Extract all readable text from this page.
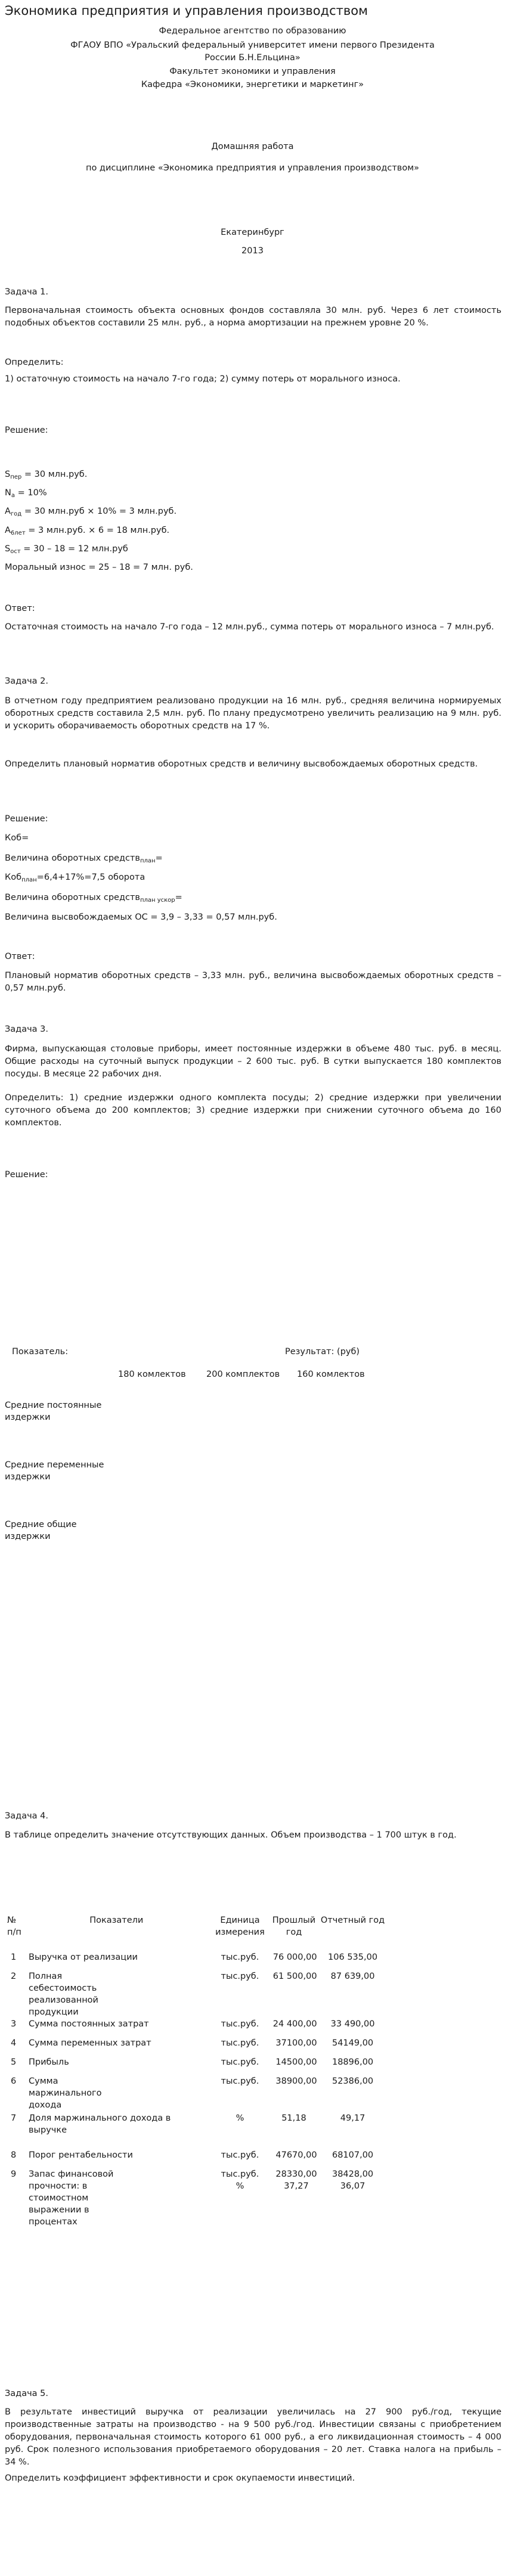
Экономика предприятия и управления производством
Федеральное агентство по образованию
ФГАОУ ВПО «Уральский федеральный университет имени первого Президента
России Б.Н.Ельцина»
Факультет экономики и управления
Кафедра «Экономики, энергетики и маркетинг»
Домашняя работа
по дисциплине «Экономика предприятия и управления производством»
Екатеринбург
2013
Задача 1.
Первоначальная стоимость объекта основных фондов составляла 30 млн. руб. Через 6 лет стоимость подобных объектов составили 25 млн. руб., а норма амортизации на прежнем уровне 20 %.
Определить:
1) остаточную стоимость на начало 7-го года; 2) сумму потерь от морального износа.
Решение:
$S_{пер} = 30$ млн.руб.
$N_а = 10\%$
$A_{год} = 30$ млн.руб × 10% = 3 млн.руб.
$A_{6лет} = 3$ млн.руб. × 6 = 18 млн.руб.
$S_{ост} = 30 - 18 = 12$ млн.руб
Моральный износ = 25 – 18 = 7 млн. руб.
Ответ:
Остаточная стоимость на начало 7-го года – 12 млн.руб., сумма потерь от морального износа – 7 млн.руб.
Задача 2.
В отчетном году предприятием реализовано продукции на 16 млн. руб., средняя величина нормируемых оборотных средств составила 2,5 млн. руб. По плану предусмотрено увеличить реализацию на 9 млн. руб. и ускорить оборачиваемость оборотных средств на 17 %.
Определить плановый норматив оборотных средств и величину высвобождаемых оборотных средств.
Решение:
Коб=
Величина оборотных средств$_{план}$=
Коб$_{план}$=6,4+17%=7,5 оборота
Величина оборотных средств$_{план ускор}$=
Величина высвобождаемых ОС = 3,9 – 3,33 = 0,57 млн.руб.
Ответ:
Плановый норматив оборотных средств – 3,33 млн. руб., величина высвобождаемых оборотных средств – 0,57 млн.руб.
Задача 3.
Фирма, выпускающая столовые приборы, имеет постоянные издержки в объеме 480 тыс. руб. в месяц. Общие расходы на суточный выпуск продукции – 2 600 тыс. руб. В сутки выпускается 180 комплектов посуды. В месяце 22 рабочих дня.
Определить: 1) средние издержки одного комплекта посуды; 2) средние издержки при увеличении суточного объема до 200 комплектов; 3) средние издержки при снижении суточного объема до 160 комплектов.
Решение:
Показатель:	Результат: (руб)		
	180 комлектов	200 комплектов	160 комлектов
Средние постоянные издержки			
Средние переменные издержки			
Средние общие издержки			
Задача 4.
В таблице определить значение отсутствующих данных. Объем производства – 1 700 штук в год.
№ п/п	Показатели	Единица измерения	Прошлый год	Отчетный год
1	Выручка от реализации	тыс.руб.	76 000,00	106 535,00
2	Полная себестоимость реализованной продукции	тыс.руб.	61 500,00	87 639,00
3	Сумма постоянных затрат	тыс.руб.	24 400,00	33 490,00
4	Сумма переменных затрат	тыс.руб.	37100,00	54149,00
5	Прибыль	тыс.руб.	14500,00	18896,00
6	Сумма маржинального дохода	тыс.руб.	38900,00	52386,00
7	Доля маржинального дохода в выручке	%	51,18	49,17
8	Порог рентабельности	тыс.руб.	47670,00	68107,00
9	Запас финансовой прочности: в стоимостном выражении в процентах	тыс.руб. %	28330,00 37,27	38428,00 36,07
Задача 5.
В результате инвестиций выручка от реализации увеличилась на 27 900 руб./год, текущие производственные затраты на производство - на 9 500 руб./год. Инвестиции связаны с приобретением оборудования, первоначальная стоимость которого 61 000 руб., а его ликвидационная стоимость – 4 000 руб. Срок полезного использования приобретаемого оборудования – 20 лет. Ставка налога на прибыль – 34 %.
Определить коэффициент эффективности и срок окупаемости инвестиций.
